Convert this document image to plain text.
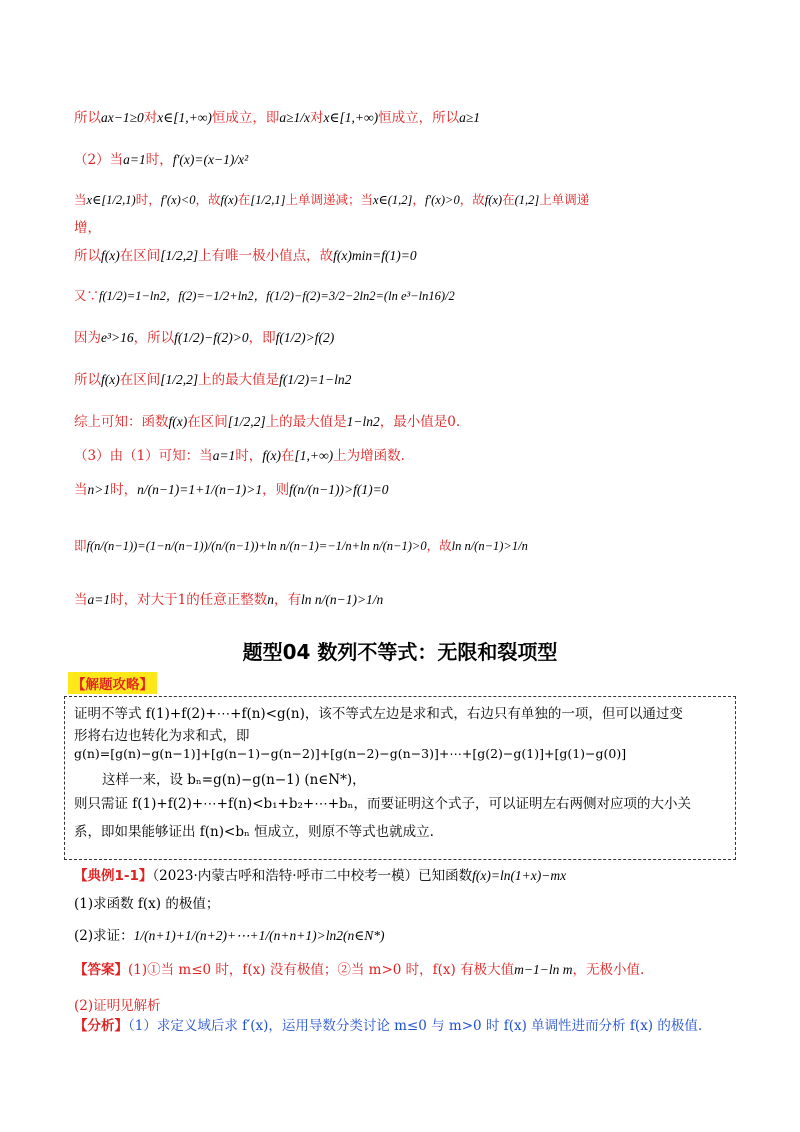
所以ax−1≥0对x∈[1,+∞)恒成立，即a≥1/x对x∈[1,+∞)恒成立，所以a≥1
（2）当a=1时，f′(x)=(x−1)/x²
当x∈[1/2,1)时，f′(x)<0，故f(x)在[1/2,1]上单调递减；当x∈(1,2]，f′(x)>0，故f(x)在(1,2]上单调递
增，
所以f(x)在区间[1/2,2]上有唯一极小值点，故f(x)min=f(1)=0
又∵f(1/2)=1−ln2，f(2)=−1/2+ln2，f(1/2)−f(2)=3/2−2ln2=(ln e³−ln16)/2
因为e³>16，所以f(1/2)−f(2)>0，即f(1/2)>f(2)
所以f(x)在区间[1/2,2]上的最大值是f(1/2)=1−ln2
综上可知：函数f(x)在区间[1/2,2]上的最大值是1−ln2，最小值是0.
（3）由（1）可知：当a=1时，f(x)在[1,+∞)上为增函数.
当n>1时，n/(n−1)=1+1/(n−1)>1，则f(n/(n−1))>f(1)=0
即f(n/(n−1))=(1−n/(n−1))/(n/(n−1))+ln n/(n−1)=−1/n+ln n/(n−1)>0，故ln n/(n−1)>1/n
当a=1时，对大于1的任意正整数n，有ln n/(n−1)>1/n
题型04 数列不等式：无限和裂项型
【解题攻略】
证明不等式 f(1)+f(2)+⋯+f(n)<g(n)，该不等式左边是求和式，右边只有单独的一项，但可以通过变
形将右边也转化为求和式，即
g(n)=[g(n)−g(n−1)]+[g(n−1)−g(n−2)]+[g(n−2)−g(n−3)]+⋯+[g(2)−g(1)]+[g(1)−g(0)]
这样一来，设 bₙ=g(n)−g(n−1) (n∈N*)，
则只需证 f(1)+f(2)+⋯+f(n)<b₁+b₂+⋯+bₙ，而要证明这个式子，可以证明左右两侧对应项的大小关
系，即如果能够证出 f(n)<bₙ 恒成立，则原不等式也就成立.
【典例1-1】（2023·内蒙古呼和浩特·呼市二中校考一模）已知函数f(x)=ln(1+x)−mx
(1)求函数 f(x) 的极值；
(2)求证：1/(n+1)+1/(n+2)+⋯+1/(n+n+1)>ln2(n∈N*)
【答案】(1)①当 m≤0 时，f(x) 没有极值；②当 m>0 时，f(x) 有极大值m−1−ln m，无极小值.
(2)证明见解析
【分析】（1）求定义域后求 f′(x)，运用导数分类讨论 m≤0 与 m>0 时 f(x) 单调性进而分析 f(x) 的极值.
